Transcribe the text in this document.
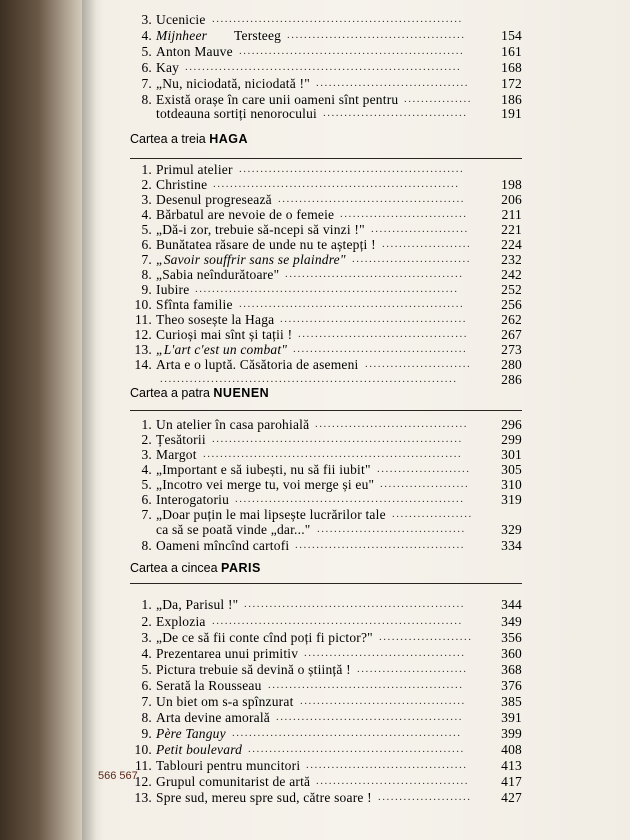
3. Ucenicie ...........................................................
4. Mijnheer Tersteeg ..........................................	154
5. Anton Mauve .....................................................	161
6. Kay .................................................................	168
7. „Nu, niciodată, niciodată !" ....................................	172
8. Există orașe în care unii oameni sînt pentru ................	186
totdeauna sortiți nenorocului ..................................	191
Cartea a treia HAGA
1. Primul atelier .....................................................
2. Christine ..........................................................	198
3. Desenul progresează ............................................	206
4. Bărbatul are nevoie de o femeie ..............................	211
5. „Dă-i zor, trebuie să-ncepi să vinzi !" .......................	221
6. Bunătatea răsare de unde nu te aștepți ! .....................	224
7. „Savoir souffrir sans se plaindre" ............................	232
8. „Sabia neîndurătoare" ..........................................	242
9. Iubire ..............................................................	252
10. Sfînta familie .....................................................	256
11. Theo sosește la Haga ............................................	262
12. Curioși mai sînt și tații ! ........................................	267
13. „L'art c'est un combat" .........................................	273
14. Arta e o luptă. Căsătoria de asemeni .........................	280
......................................................................	286
Cartea a patra NUENEN
1. Un atelier în casa parohială ....................................	296
2. Țesătorii ...........................................................	299
3. Margot .............................................................	301
4. „Important e să iubești, nu să fii iubit" ......................	305
5. „Incotro vei merge tu, voi merge și eu" .....................	310
6. Interogatoriu ......................................................	319
7. „Doar puțin le mai lipsește lucrărilor tale ...................
ca să se poată vinde „dar..." ...................................	329
8. Oameni mîncînd cartofi ........................................	334
Cartea a cincea PARIS
1. „Da, Parisul !" ....................................................	344
2. Explozia ...........................................................	349
3. „De ce să fii conte cînd poți fi pictor?" ......................	356
4. Prezentarea unui primitiv ......................................	360
5. Pictura trebuie să devină o știință ! ..........................	368
6. Serată la Rousseau ..............................................	376
7. Un biet om s-a spînzurat .......................................	385
8. Arta devine amorală ............................................	391
9. Père Tanguy ......................................................	399
10. Petit boulevard ...................................................	408
11. Tablouri pentru muncitori ......................................	413
12. Grupul comunitarist de artă ....................................	417
13. Spre sud, mereu spre sud, către soare ! ......................	427
566 567
